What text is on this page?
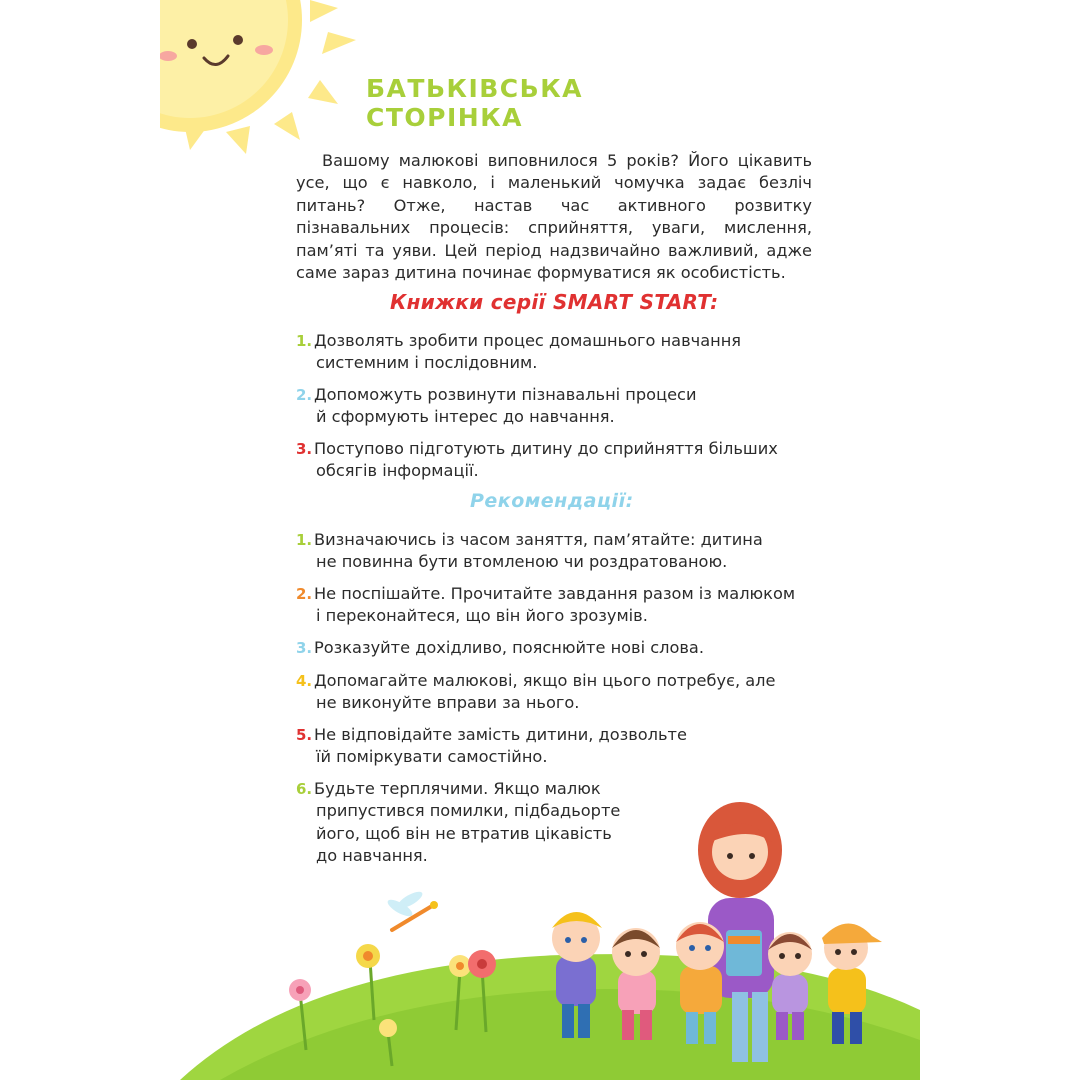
БАТЬКІВСЬКА СТОРІНКА

Вашому малюкові виповнилося 5 років? Його цікавить усе, що є навколо, і маленький чомучка задає безліч питань? Отже, настав час активного розвитку пізнавальних процесів: сприйняття, уваги, мислення, пам’яті та уяви. Цей період надзвичайно важливий, адже саме зараз дитина починає формуватися як особистість.

Книжки серії SMART START:
1. Дозволять зробити процес домашнього навчання
системним і послідовним.
2. Допоможуть розвинути пізнавальні процеси
й сформують інтерес до навчання.
3. Поступово підготують дитину до сприйняття більших
обсягів інформації.
Рекомендації:
1. Визначаючись із часом заняття, пам’ятайте: дитина
не повинна бути втомленою чи роздратованою.
2. Не поспішайте. Прочитайте завдання разом із малюком
і переконайтеся, що він його зрозумів.
3. Розказуйте дохідливо, пояснюйте нові слова.
4. Допомагайте малюкові, якщо він цього потребує, але
не виконуйте вправи за нього.
5. Не відповідайте замість дитини, дозвольте
їй поміркувати самостійно.
6. Будьте терплячими. Якщо малюк
припустився помилки, підбадьорте
його, щоб він не втратив цікавість
до навчання.
